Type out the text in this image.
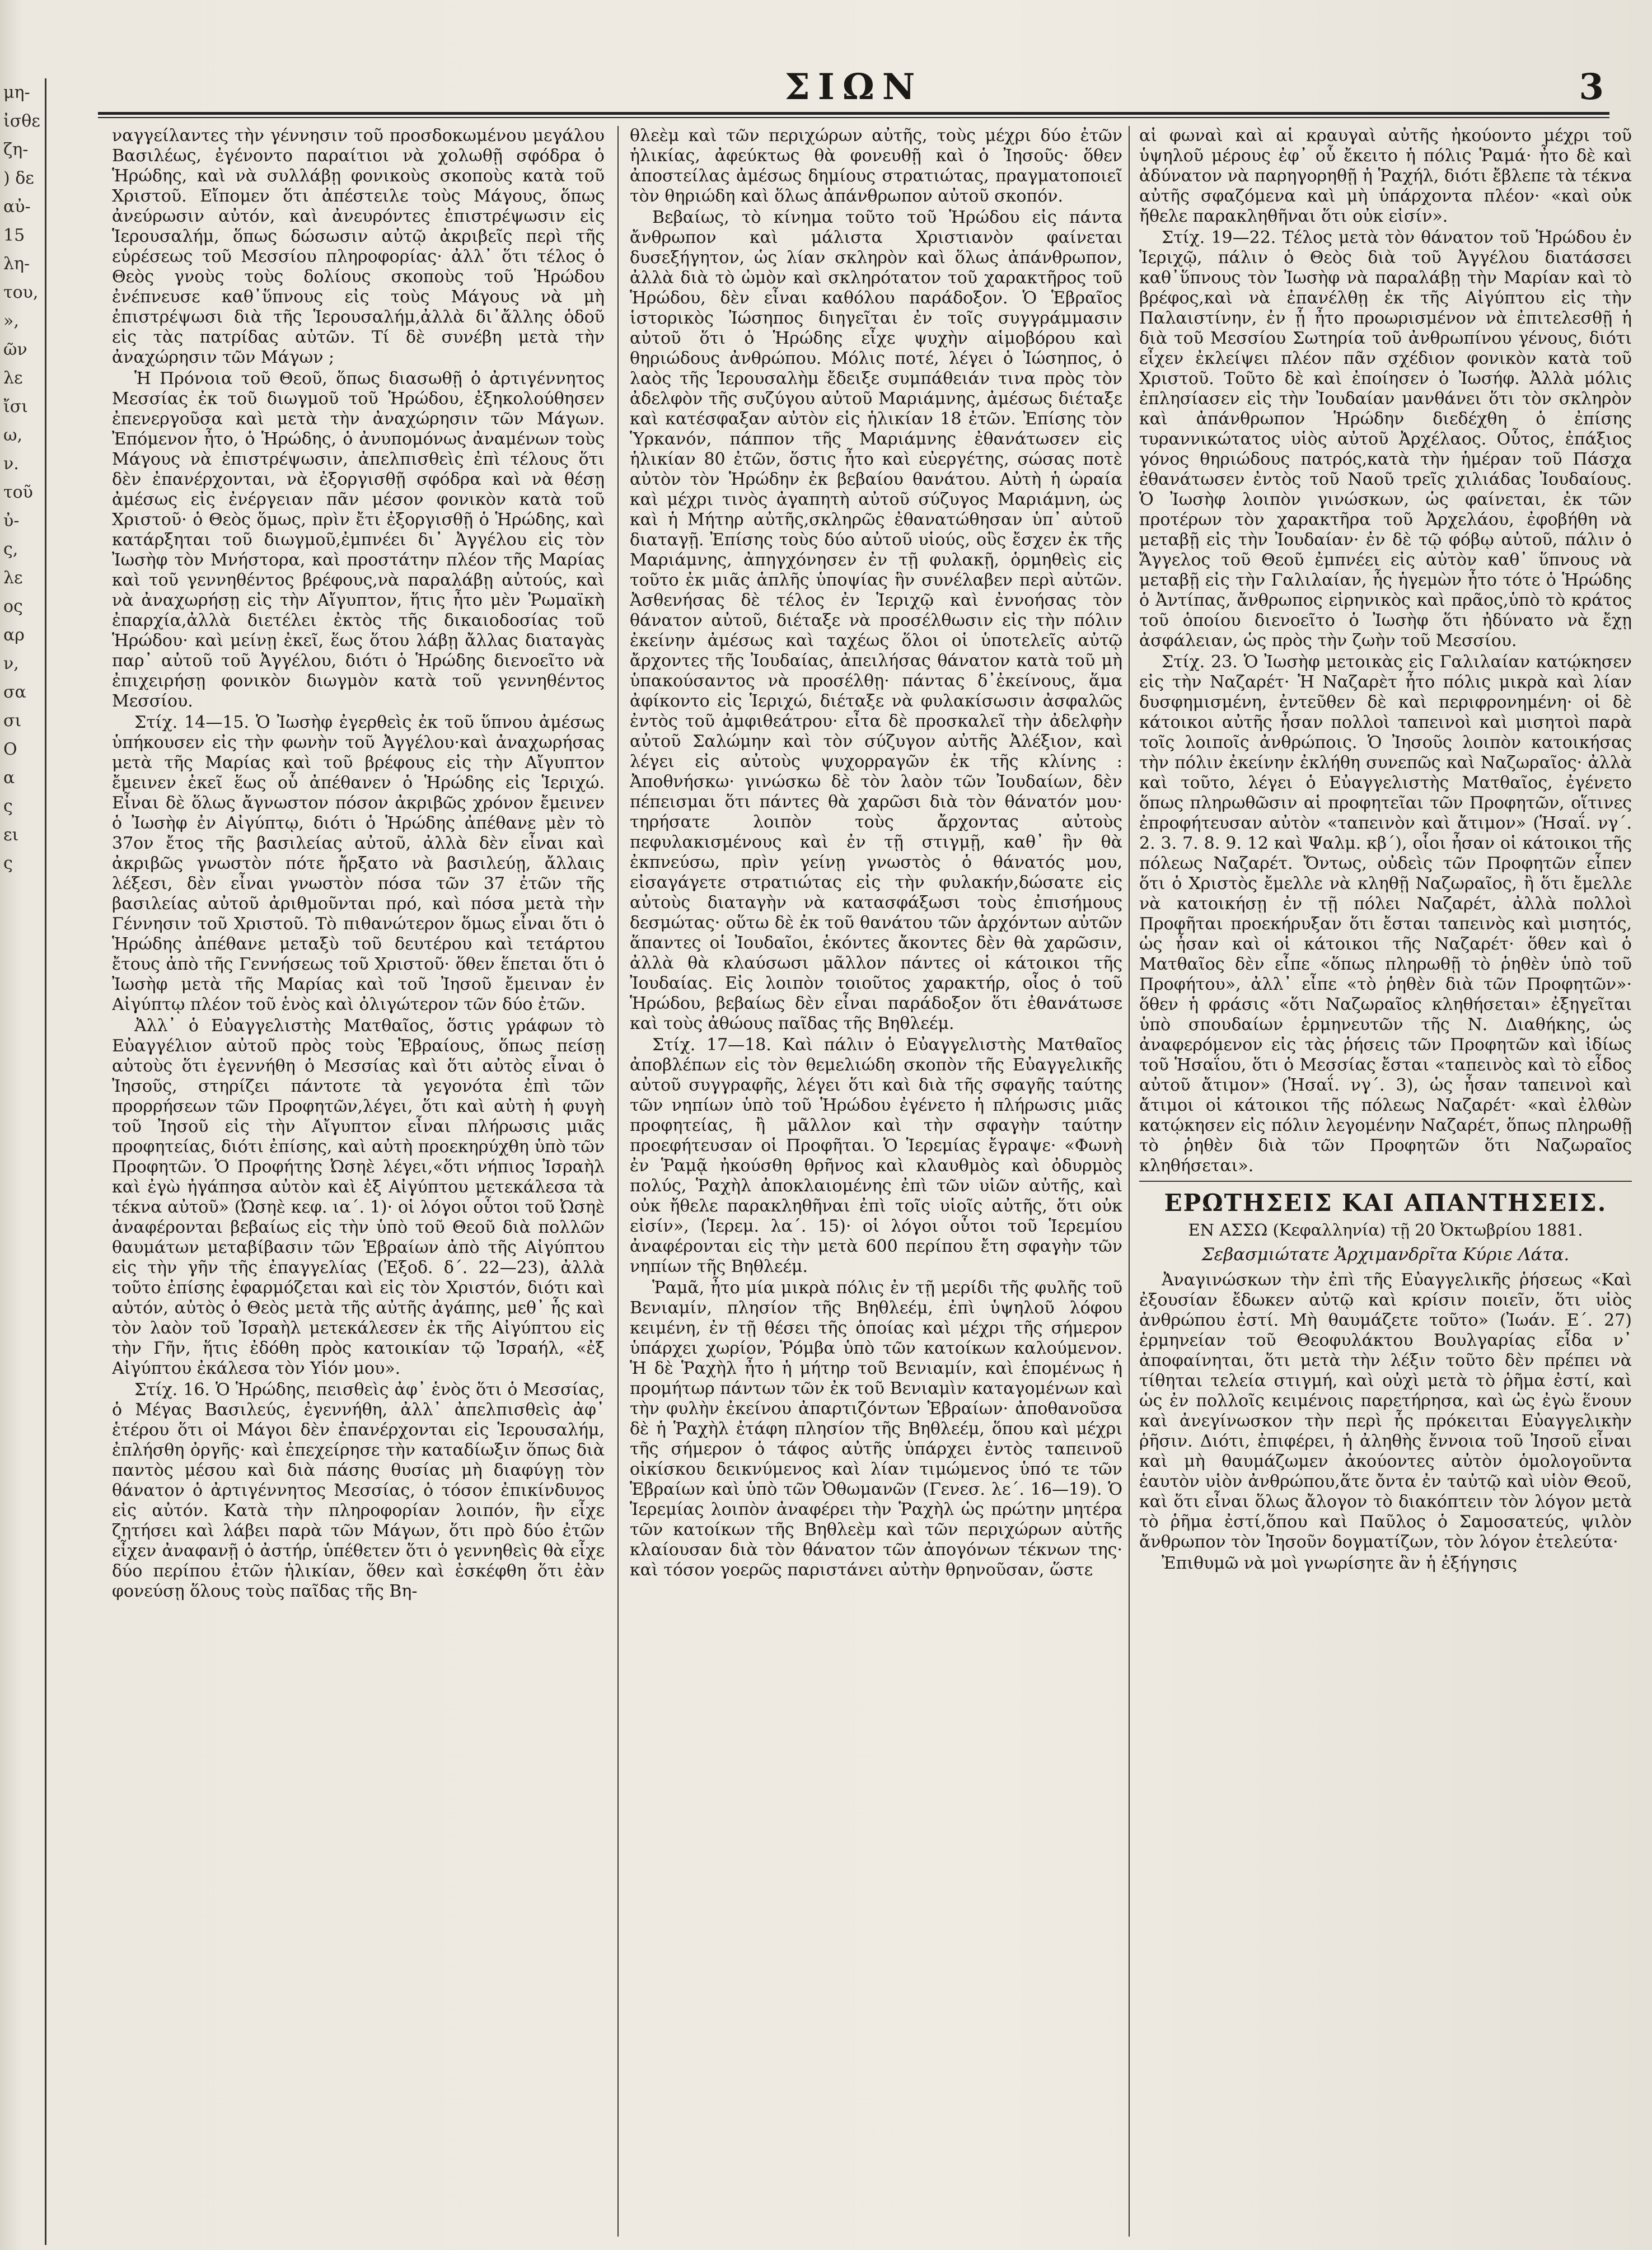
μη-
ἰσθε
ζη-
) δε
αὐ-
15
λη-
του,
»,
ῶν
λε
ἴσι
ω,
ν.
τοῦ
ὐ-
ς,
λε
ος
αρ
ν,
σα
σι
Ο
α
ς
ει
ς
ΣΙΩΝ	3

ναγγείλαντες τὴν γέννησιν τοῦ προσδοκωμένου μεγάλου Βασιλέως, ἐγένοντο παραίτιοι νὰ χολωθῇ σφόδρα ὁ Ἡρώδης, καὶ νὰ συλλάβῃ φονικοὺς σκοποὺς κατὰ τοῦ Χριστοῦ. Εἴπομεν ὅτι ἀπέστειλε τοὺς Μάγους, ὅπως ἀνεύρωσιν αὐτόν, καὶ ἀνευρόντες ἐπιστρέψωσιν εἰς Ἱερουσαλήμ, ὅπως δώσωσιν αὐτῷ ἀκριβεῖς περὶ τῆς εὑρέσεως τοῦ Μεσσίου πληροφορίας· ἀλλ᾽ ὅτι τέλος ὁ Θεὸς γνοὺς τοὺς δολίους σκοποὺς τοῦ Ἡρώδου ἐνέπνευσε καθ᾽ὕπνους εἰς τοὺς Μάγους νὰ μὴ ἐπιστρέψωσι διὰ τῆς Ἱερουσαλήμ,ἀλλὰ δι᾽ἄλλης ὁδοῦ εἰς τὰς πατρίδας αὐτῶν. Τί δὲ συνέβη μετὰ τὴν ἀναχώρησιν τῶν Μάγων ;

Ἡ Πρόνοια τοῦ Θεοῦ, ὅπως διασωθῇ ὁ ἀρτιγέννητος Μεσσίας ἐκ τοῦ διωγμοῦ τοῦ Ἡρώδου, ἐξηκολούθησεν ἐπενεργοῦσα καὶ μετὰ τὴν ἀναχώρησιν τῶν Μάγων. Ἐπόμενον ἦτο, ὁ Ἡρώδης, ὁ ἀνυπομόνως ἀναμένων τοὺς Μάγους νὰ ἐπιστρέψωσιν, ἀπελπισθεὶς ἐπὶ τέλους ὅτι δὲν ἐπανέρχονται, νὰ ἐξοργισθῇ σφόδρα καὶ νὰ θέσῃ ἀμέσως εἰς ἐνέργειαν πᾶν μέσον φονικὸν κατὰ τοῦ Χριστοῦ· ὁ Θεὸς ὅμως, πρὶν ἔτι ἐξοργισθῇ ὁ Ἡρώδης, καὶ κατάρξηται τοῦ διωγμοῦ,ἐμπνέει δι᾽ Ἀγγέλου εἰς τὸν Ἰωσὴφ τὸν Μνήστορα, καὶ προστάτην πλέον τῆς Μαρίας καὶ τοῦ γεννηθέντος βρέφους,νὰ παραλάβῃ αὐτούς, καὶ νὰ ἀναχωρήσῃ εἰς τὴν Αἴγυπτον, ἥτις ἦτο μὲν Ῥωμαϊκὴ ἐπαρχία,ἀλλὰ διετέλει ἐκτὸς τῆς δικαιοδοσίας τοῦ Ἡρώδου· καὶ μείνῃ ἐκεῖ, ἕως ὅτου λάβῃ ἄλλας διαταγὰς παρ᾽ αὐτοῦ τοῦ Ἀγγέλου, διότι ὁ Ἡρώδης διενοεῖτο νὰ ἐπιχειρήσῃ φονικὸν διωγμὸν κατὰ τοῦ γεννηθέντος Μεσσίου.

Στίχ. 14—15. Ὁ Ἰωσὴφ ἐγερθεὶς ἐκ τοῦ ὕπνου ἀμέσως ὑπήκουσεν εἰς τὴν φωνὴν τοῦ Ἀγγέλου·καὶ ἀναχωρήσας μετὰ τῆς Μαρίας καὶ τοῦ βρέφους εἰς τὴν Αἴγυπτον ἔμεινεν ἐκεῖ ἕως οὗ ἀπέθανεν ὁ Ἡρώδης εἰς Ἱεριχώ. Εἶναι δὲ ὅλως ἄγνωστον πόσον ἀκριβῶς χρόνον ἔμεινεν ὁ Ἰωσὴφ ἐν Αἰγύπτῳ, διότι ὁ Ἡρώδης ἀπέθανε μὲν τὸ 37ον ἔτος τῆς βασιλείας αὐτοῦ, ἀλλὰ δὲν εἶναι καὶ ἀκριβῶς γνωστὸν πότε ἤρξατο νὰ βασιλεύῃ, ἄλλαις λέξεσι, δὲν εἶναι γνωστὸν πόσα τῶν 37 ἐτῶν τῆς βασιλείας αὐτοῦ ἀριθμοῦνται πρό, καὶ πόσα μετὰ τὴν Γέννησιν τοῦ Χριστοῦ. Τὸ πιθανώτερον ὅμως εἶναι ὅτι ὁ Ἡρώδης ἀπέθανε μεταξὺ τοῦ δευτέρου καὶ τετάρτου ἔτους ἀπὸ τῆς Γεννήσεως τοῦ Χριστοῦ· ὅθεν ἕπεται ὅτι ὁ Ἰωσὴφ μετὰ τῆς Μαρίας καὶ τοῦ Ἰησοῦ ἔμειναν ἐν Αἰγύπτῳ πλέον τοῦ ἑνὸς καὶ ὀλιγώτερον τῶν δύο ἐτῶν.

Ἀλλ᾽ ὁ Εὐαγγελιστὴς Ματθαῖος, ὅστις γράφων τὸ Εὐαγγέλιον αὐτοῦ πρὸς τοὺς Ἑβραίους, ὅπως πείσῃ αὐτοὺς ὅτι ἐγεννήθη ὁ Μεσσίας καὶ ὅτι αὐτὸς εἶναι ὁ Ἰησοῦς, στηρίζει πάντοτε τὰ γεγονότα ἐπὶ τῶν προρρήσεων τῶν Προφητῶν,λέγει, ὅτι καὶ αὐτὴ ἡ φυγὴ τοῦ Ἰησοῦ εἰς τὴν Αἴγυπτον εἶναι πλήρωσις μιᾶς προφητείας, διότι ἐπίσης, καὶ αὐτὴ προεκηρύχθη ὑπὸ τῶν Προφητῶν. Ὁ Προφήτης Ὠσηὲ λέγει,«ὅτι νήπιος Ἰσραὴλ καὶ ἐγὼ ἠγάπησα αὐτὸν καὶ ἐξ Αἰγύπτου μετεκάλεσα τὰ τέκνα αὐτοῦ» (Ὠσηὲ κεφ. ια΄. 1)· οἱ λόγοι οὗτοι τοῦ Ὠσηὲ ἀναφέρονται βεβαίως εἰς τὴν ὑπὸ τοῦ Θεοῦ διὰ πολλῶν θαυμάτων μεταβίβασιν τῶν Ἑβραίων ἀπὸ τῆς Αἰγύπτου εἰς τὴν γῆν τῆς ἐπαγγελίας (Ἐξοδ. δ΄. 22—23), ἀλλὰ τοῦτο ἐπίσης ἐφαρμόζεται καὶ εἰς τὸν Χριστόν, διότι καὶ αὐτόν, αὐτὸς ὁ Θεὸς μετὰ τῆς αὐτῆς ἀγάπης, μεθ᾽ ἧς καὶ τὸν λαὸν τοῦ Ἰσραὴλ μετεκάλεσεν ἐκ τῆς Αἰγύπτου εἰς τὴν Γῆν, ἥτις ἐδόθη πρὸς κατοικίαν τῷ Ἰσραήλ, «ἐξ Αἰγύπτου ἐκάλεσα τὸν Υἱόν μου».

Στίχ. 16. Ὁ Ἡρώδης, πεισθεὶς ἀφ᾽ ἑνὸς ὅτι ὁ Μεσσίας, ὁ Μέγας Βασιλεύς, ἐγεννήθη, ἀλλ᾽ ἀπελπισθεὶς ἀφ᾽ ἑτέρου ὅτι οἱ Μάγοι δὲν ἐπανέρχονται εἰς Ἱερουσαλήμ, ἐπλήσθη ὀργῆς· καὶ ἐπεχείρησε τὴν καταδίωξιν ὅπως διὰ παντὸς μέσου καὶ διὰ πάσης θυσίας μὴ διαφύγῃ τὸν θάνατον ὁ ἀρτιγέννητος Μεσσίας, ὁ τόσον ἐπικίνδυνος εἰς αὐτόν. Κατὰ τὴν πληροφορίαν λοιπόν, ἣν εἶχε ζητήσει καὶ λάβει παρὰ τῶν Μάγων, ὅτι πρὸ δύο ἐτῶν εἶχεν ἀναφανῇ ὁ ἀστήρ, ὑπέθετεν ὅτι ὁ γεννηθεὶς θὰ εἶχε δύο περίπου ἐτῶν ἡλικίαν, ὅθεν καὶ ἐσκέφθη ὅτι ἐὰν φονεύσῃ ὅλους τοὺς παῖδας τῆς Βη-

θλεὲμ καὶ τῶν περιχώρων αὐτῆς, τοὺς μέχρι δύο ἐτῶν ἡλικίας, ἀφεύκτως θὰ φονευθῇ καὶ ὁ Ἰησοῦς· ὅθεν ἀποστείλας ἀμέσως δημίους στρατιώτας, πραγματοποιεῖ τὸν θηριώδη καὶ ὅλως ἀπάνθρωπον αὐτοῦ σκοπόν.

Βεβαίως, τὸ κίνημα τοῦτο τοῦ Ἡρώδου εἰς πάντα ἄνθρωπον καὶ μάλιστα Χριστιανὸν φαίνεται δυσεξήγητον, ὡς λίαν σκληρὸν καὶ ὅλως ἀπάνθρωπον, ἀλλὰ διὰ τὸ ὠμὸν καὶ σκληρότατον τοῦ χαρακτῆρος τοῦ Ἡρώδου, δὲν εἶναι καθόλου παράδοξον. Ὁ Ἑβραῖος ἱστορικὸς Ἰώσηπος διηγεῖται ἐν τοῖς συγγράμμασιν αὐτοῦ ὅτι ὁ Ἡρώδης εἶχε ψυχὴν αἱμοβόρου καὶ θηριώδους ἀνθρώπου. Μόλις ποτέ, λέγει ὁ Ἰώσηπος, ὁ λαὸς τῆς Ἱερουσαλὴμ ἔδειξε συμπάθειάν τινα πρὸς τὸν ἀδελφὸν τῆς συζύγου αὐτοῦ Μαριάμνης, ἀμέσως διέταξε καὶ κατέσφαξαν αὐτὸν εἰς ἡλικίαν 18 ἐτῶν. Ἐπίσης τὸν Ὑρκανόν, πάππον τῆς Μαριάμνης ἐθανάτωσεν εἰς ἡλικίαν 80 ἐτῶν, ὅστις ἦτο καὶ εὐεργέτης, σώσας ποτὲ αὐτὸν τὸν Ἡρώδην ἐκ βεβαίου θανάτου. Αὐτὴ ἡ ὡραία καὶ μέχρι τινὸς ἀγαπητὴ αὐτοῦ σύζυγος Μαριάμνη, ὡς καὶ ἡ Μήτηρ αὐτῆς,σκληρῶς ἐθανατώθησαν ὑπ᾽ αὐτοῦ διαταγῇ. Ἐπίσης τοὺς δύο αὐτοῦ υἱούς, οὓς ἔσχεν ἐκ τῆς Μαριάμνης, ἀπηγχόνησεν ἐν τῇ φυλακῇ, ὁρμηθεὶς εἰς τοῦτο ἐκ μιᾶς ἁπλῆς ὑποψίας ἣν συνέλαβεν περὶ αὐτῶν. Ἀσθενήσας δὲ τέλος ἐν Ἱεριχῷ καὶ ἐννοήσας τὸν θάνατον αὐτοῦ, διέταξε νὰ προσέλθωσιν εἰς τὴν πόλιν ἐκείνην ἀμέσως καὶ ταχέως ὅλοι οἱ ὑποτελεῖς αὐτῷ ἄρχοντες τῆς Ἰουδαίας, ἀπειλήσας θάνατον κατὰ τοῦ μὴ ὑπακούσαντος νὰ προσέλθῃ· πάντας δ᾽ἐκείνους, ἅμα ἀφίκοντο εἰς Ἱεριχώ, διέταξε νὰ φυλακίσωσιν ἀσφαλῶς ἐντὸς τοῦ ἀμφιθεάτρου· εἶτα δὲ προσκαλεῖ τὴν ἀδελφὴν αὐτοῦ Σαλώμην καὶ τὸν σύζυγον αὐτῆς Ἀλέξιον, καὶ λέγει εἰς αὐτοὺς ψυχορραγῶν ἐκ τῆς κλίνης : Ἀποθνήσκω· γινώσκω δὲ τὸν λαὸν τῶν Ἰουδαίων, δὲν πέπεισμαι ὅτι πάντες θὰ χαρῶσι διὰ τὸν θάνατόν μου· τηρήσατε λοιπὸν τοὺς ἄρχοντας αὐτοὺς πεφυλακισμένους καὶ ἐν τῇ στιγμῇ, καθ᾽ ἣν θὰ ἐκπνεύσω, πρὶν γείνῃ γνωστὸς ὁ θάνατός μου, εἰσαγάγετε στρατιώτας εἰς τὴν φυλακήν,δώσατε εἰς αὐτοὺς διαταγὴν νὰ κατασφάξωσι τοὺς ἐπισήμους δεσμώτας· οὕτω δὲ ἐκ τοῦ θανάτου τῶν ἀρχόντων αὐτῶν ἅπαντες οἱ Ἰουδαῖοι, ἑκόντες ἄκοντες δὲν θὰ χαρῶσιν, ἀλλὰ θὰ κλαύσωσι μᾶλλον πάντες οἱ κάτοικοι τῆς Ἰουδαίας. Εἰς λοιπὸν τοιοῦτος χαρακτήρ, οἷος ὁ τοῦ Ἡρώδου, βεβαίως δὲν εἶναι παράδοξον ὅτι ἐθανάτωσε καὶ τοὺς ἀθώους παῖδας τῆς Βηθλεέμ.

Στίχ. 17—18. Καὶ πάλιν ὁ Εὐαγγελιστὴς Ματθαῖος ἀποβλέπων εἰς τὸν θεμελιώδη σκοπὸν τῆς Εὐαγγελικῆς αὐτοῦ συγγραφῆς, λέγει ὅτι καὶ διὰ τῆς σφαγῆς ταύτης τῶν νηπίων ὑπὸ τοῦ Ἡρώδου ἐγένετο ἡ πλήρωσις μιᾶς προφητείας, ἢ μᾶλλον καὶ τὴν σφαγὴν ταύτην προεφήτευσαν οἱ Προφῆται. Ὁ Ἱερεμίας ἔγραψε· «Φωνὴ ἐν Ῥαμᾷ ἠκούσθη θρῆνος καὶ κλαυθμὸς καὶ ὀδυρμὸς πολύς, Ῥαχὴλ ἀποκλαιομένης ἐπὶ τῶν υἱῶν αὐτῆς, καὶ οὐκ ἤθελε παρακληθῆναι ἐπὶ τοῖς υἱοῖς αὐτῆς, ὅτι οὐκ εἰσίν», (Ἱερεμ. λα΄. 15)· οἱ λόγοι οὗτοι τοῦ Ἱερεμίου ἀναφέρονται εἰς τὴν μετὰ 600 περίπου ἔτη σφαγὴν τῶν νηπίων τῆς Βηθλεέμ.

Ῥαμᾶ, ἦτο μία μικρὰ πόλις ἐν τῇ μερίδι τῆς φυλῆς τοῦ Βενιαμίν, πλησίον τῆς Βηθλεέμ, ἐπὶ ὑψηλοῦ λόφου κειμένη, ἐν τῇ θέσει τῆς ὁποίας καὶ μέχρι τῆς σήμερον ὑπάρχει χωρίον, Ῥόμβα ὑπὸ τῶν κατοίκων καλούμενον. Ἡ δὲ Ῥαχὴλ ἦτο ἡ μήτηρ τοῦ Βενιαμίν, καὶ ἑπομένως ἡ προμήτωρ πάντων τῶν ἐκ τοῦ Βενιαμὶν καταγομένων καὶ τὴν φυλὴν ἐκείνου ἀπαρτιζόντων Ἑβραίων· ἀποθανοῦσα δὲ ἡ Ῥαχὴλ ἐτάφη πλησίον τῆς Βηθλεέμ, ὅπου καὶ μέχρι τῆς σήμερον ὁ τάφος αὐτῆς ὑπάρχει ἐντὸς ταπεινοῦ οἰκίσκου δεικνύμενος καὶ λίαν τιμώμενος ὑπό τε τῶν Ἑβραίων καὶ ὑπὸ τῶν Ὀθωμανῶν (Γενεσ. λε΄. 16—19). Ὁ Ἱερεμίας λοιπὸν ἀναφέρει τὴν Ῥαχὴλ ὡς πρώτην μητέρα τῶν κατοίκων τῆς Βηθλεὲμ καὶ τῶν περιχώρων αὐτῆς κλαίουσαν διὰ τὸν θάνατον τῶν ἀπογόνων τέκνων της· καὶ τόσον γοερῶς παριστάνει αὐτὴν θρηνοῦσαν, ὥστε

αἱ φωναὶ καὶ αἱ κραυγαὶ αὐτῆς ἠκούοντο μέχρι τοῦ ὑψηλοῦ μέρους ἐφ᾽ οὗ ἔκειτο ἡ πόλις Ῥαμά· ἦτο δὲ καὶ ἀδύνατον νὰ παρηγορηθῇ ἡ Ῥαχήλ, διότι ἔβλεπε τὰ τέκνα αὐτῆς σφαζόμενα καὶ μὴ ὑπάρχοντα πλέον· «καὶ οὐκ ἤθελε παρακληθῆναι ὅτι οὐκ εἰσίν».

Στίχ. 19—22. Τέλος μετὰ τὸν θάνατον τοῦ Ἡρώδου ἐν Ἱεριχῷ, πάλιν ὁ Θεὸς διὰ τοῦ Ἀγγέλου διατάσσει καθ᾽ὕπνους τὸν Ἰωσὴφ νὰ παραλάβῃ τὴν Μαρίαν καὶ τὸ βρέφος,καὶ νὰ ἐπανέλθῃ ἐκ τῆς Αἰγύπτου εἰς τὴν Παλαιστίνην, ἐν ᾗ ἦτο προωρισμένον νὰ ἐπιτελεσθῇ ἡ διὰ τοῦ Μεσσίου Σωτηρία τοῦ ἀνθρωπίνου γένους, διότι εἶχεν ἐκλείψει πλέον πᾶν σχέδιον φονικὸν κατὰ τοῦ Χριστοῦ. Τοῦτο δὲ καὶ ἐποίησεν ὁ Ἰωσήφ. Ἀλλὰ μόλις ἐπλησίασεν εἰς τὴν Ἰουδαίαν μανθάνει ὅτι τὸν σκληρὸν καὶ ἀπάνθρωπον Ἡρώδην διεδέχθη ὁ ἐπίσης τυραννικώτατος υἱὸς αὐτοῦ Ἀρχέλαος. Οὗτος, ἐπάξιος γόνος θηριώδους πατρός,κατὰ τὴν ἡμέραν τοῦ Πάσχα ἐθανάτωσεν ἐντὸς τοῦ Ναοῦ τρεῖς χιλιάδας Ἰουδαίους. Ὁ Ἰωσὴφ λοιπὸν γινώσκων, ὡς φαίνεται, ἐκ τῶν προτέρων τὸν χαρακτῆρα τοῦ Ἀρχελάου, ἐφοβήθη νὰ μεταβῇ εἰς τὴν Ἰουδαίαν· ἐν δὲ τῷ φόβῳ αὐτοῦ, πάλιν ὁ Ἄγγελος τοῦ Θεοῦ ἐμπνέει εἰς αὐτὸν καθ᾽ ὕπνους νὰ μεταβῇ εἰς τὴν Γαλιλαίαν, ἧς ἡγεμὼν ἦτο τότε ὁ Ἡρώδης ὁ Ἀντίπας, ἄνθρωπος εἰρηνικὸς καὶ πρᾶος,ὑπὸ τὸ κράτος τοῦ ὁποίου διενοεῖτο ὁ Ἰωσὴφ ὅτι ἠδύνατο νὰ ἔχῃ ἀσφάλειαν, ὡς πρὸς τὴν ζωὴν τοῦ Μεσσίου.

Στίχ. 23. Ὁ Ἰωσὴφ μετοικὰς εἰς Γαλιλαίαν κατῴκησεν εἰς τὴν Ναζαρέτ· Ἡ Ναζαρὲτ ἦτο πόλις μικρὰ καὶ λίαν δυσφημισμένη, ἐντεῦθεν δὲ καὶ περιφρονημένη· οἱ δὲ κάτοικοι αὐτῆς ἦσαν πολλοὶ ταπεινοὶ καὶ μισητοὶ παρὰ τοῖς λοιποῖς ἀνθρώποις. Ὁ Ἰησοῦς λοιπὸν κατοικήσας τὴν πόλιν ἐκείνην ἐκλήθη συνεπῶς καὶ Ναζωραῖος· ἀλλὰ καὶ τοῦτο, λέγει ὁ Εὐαγγελιστὴς Ματθαῖος, ἐγένετο ὅπως πληρωθῶσιν αἱ προφητεῖαι τῶν Προφητῶν, οἵτινες ἐπροφήτευσαν αὐτὸν «ταπεινὸν καὶ ἄτιμον» (Ἡσαΐ. νγ΄. 2. 3. 7. 8. 9. 12 καὶ Ψαλμ. κβ΄), οἷοι ἦσαν οἱ κάτοικοι τῆς πόλεως Ναζαρέτ. Ὄντως, οὐδεὶς τῶν Προφητῶν εἶπεν ὅτι ὁ Χριστὸς ἔμελλε νὰ κληθῇ Ναζωραῖος, ἢ ὅτι ἔμελλε νὰ κατοικήσῃ ἐν τῇ πόλει Ναζαρέτ, ἀλλὰ πολλοὶ Προφῆται προεκήρυξαν ὅτι ἔσται ταπεινὸς καὶ μισητός, ὡς ἦσαν καὶ οἱ κάτοικοι τῆς Ναζαρέτ· ὅθεν καὶ ὁ Ματθαῖος δὲν εἶπε «ὅπως πληρωθῇ τὸ ῥηθὲν ὑπὸ τοῦ Προφήτου», ἀλλ᾽ εἶπε «τὸ ῥηθὲν διὰ τῶν Προφητῶν»· ὅθεν ἡ φράσις «ὅτι Ναζωραῖος κληθήσεται» ἐξηγεῖται ὑπὸ σπουδαίων ἑρμηνευτῶν τῆς Ν. Διαθήκης, ὡς ἀναφερόμενον εἰς τὰς ῥήσεις τῶν Προφητῶν καὶ ἰδίως τοῦ Ἡσαΐου, ὅτι ὁ Μεσσίας ἔσται «ταπεινὸς καὶ τὸ εἶδος αὐτοῦ ἄτιμον» (Ἡσαΐ. νγ΄. 3), ὡς ἦσαν ταπεινοὶ καὶ ἄτιμοι οἱ κάτοικοι τῆς πόλεως Ναζαρέτ· «καὶ ἐλθὼν κατῴκησεν εἰς πόλιν λεγομένην Ναζαρέτ, ὅπως πληρωθῇ τὸ ῥηθὲν διὰ τῶν Προφητῶν ὅτι Ναζωραῖος κληθήσεται».

ΕΡΩΤΗΣΕΙΣ ΚΑΙ ΑΠΑΝΤΗΣΕΙΣ.
ΕΝ ΑΣΣΩ (Κεφαλληνία) τῇ 20 Ὀκτωβρίου 1881.
Σεβασμιώτατε Ἀρχιμανδρῖτα Κύριε Λάτα.

Ἀναγινώσκων τὴν ἐπὶ τῆς Εὐαγγελικῆς ῥήσεως «Καὶ ἐξουσίαν ἔδωκεν αὐτῷ καὶ κρίσιν ποιεῖν, ὅτι υἱὸς ἀνθρώπου ἐστί. Μὴ θαυμάζετε τοῦτο» (Ἰωάν. Ε΄. 27) ἑρμηνείαν τοῦ Θεοφυλάκτου Βουλγαρίας εἶδα ν᾽ ἀποφαίνηται, ὅτι μετὰ τὴν λέξιν τοῦτο δὲν πρέπει νὰ τίθηται τελεία στιγμή, καὶ οὐχὶ μετὰ τὸ ῥῆμα ἐστί, καὶ ὡς ἐν πολλοῖς κειμένοις παρετήρησα, καὶ ὡς ἐγὼ ἕνουν καὶ ἀνεγίνωσκον τὴν περὶ ἧς πρόκειται Εὐαγγελικὴν ῥῆσιν. Διότι, ἐπιφέρει, ἡ ἀληθὴς ἔννοια τοῦ Ἰησοῦ εἶναι καὶ μὴ θαυμάζωμεν ἀκούοντες αὐτὸν ὁμολογοῦντα ἑαυτὸν υἱὸν ἀνθρώπου,ἅτε ὄντα ἐν ταὐτῷ καὶ υἱὸν Θεοῦ, καὶ ὅτι εἶναι ὅλως ἄλογον τὸ διακόπτειν τὸν λόγον μετὰ τὸ ῥῆμα ἐστί,ὅπου καὶ Παῦλος ὁ Σαμοσατεύς, ψιλὸν ἄνθρωπον τὸν Ἰησοῦν δογματίζων, τὸν λόγον ἐτελεύτα·

Ἐπιθυμῶ νὰ μοὶ γνωρίσητε ἂν ἡ ἐξήγησις
